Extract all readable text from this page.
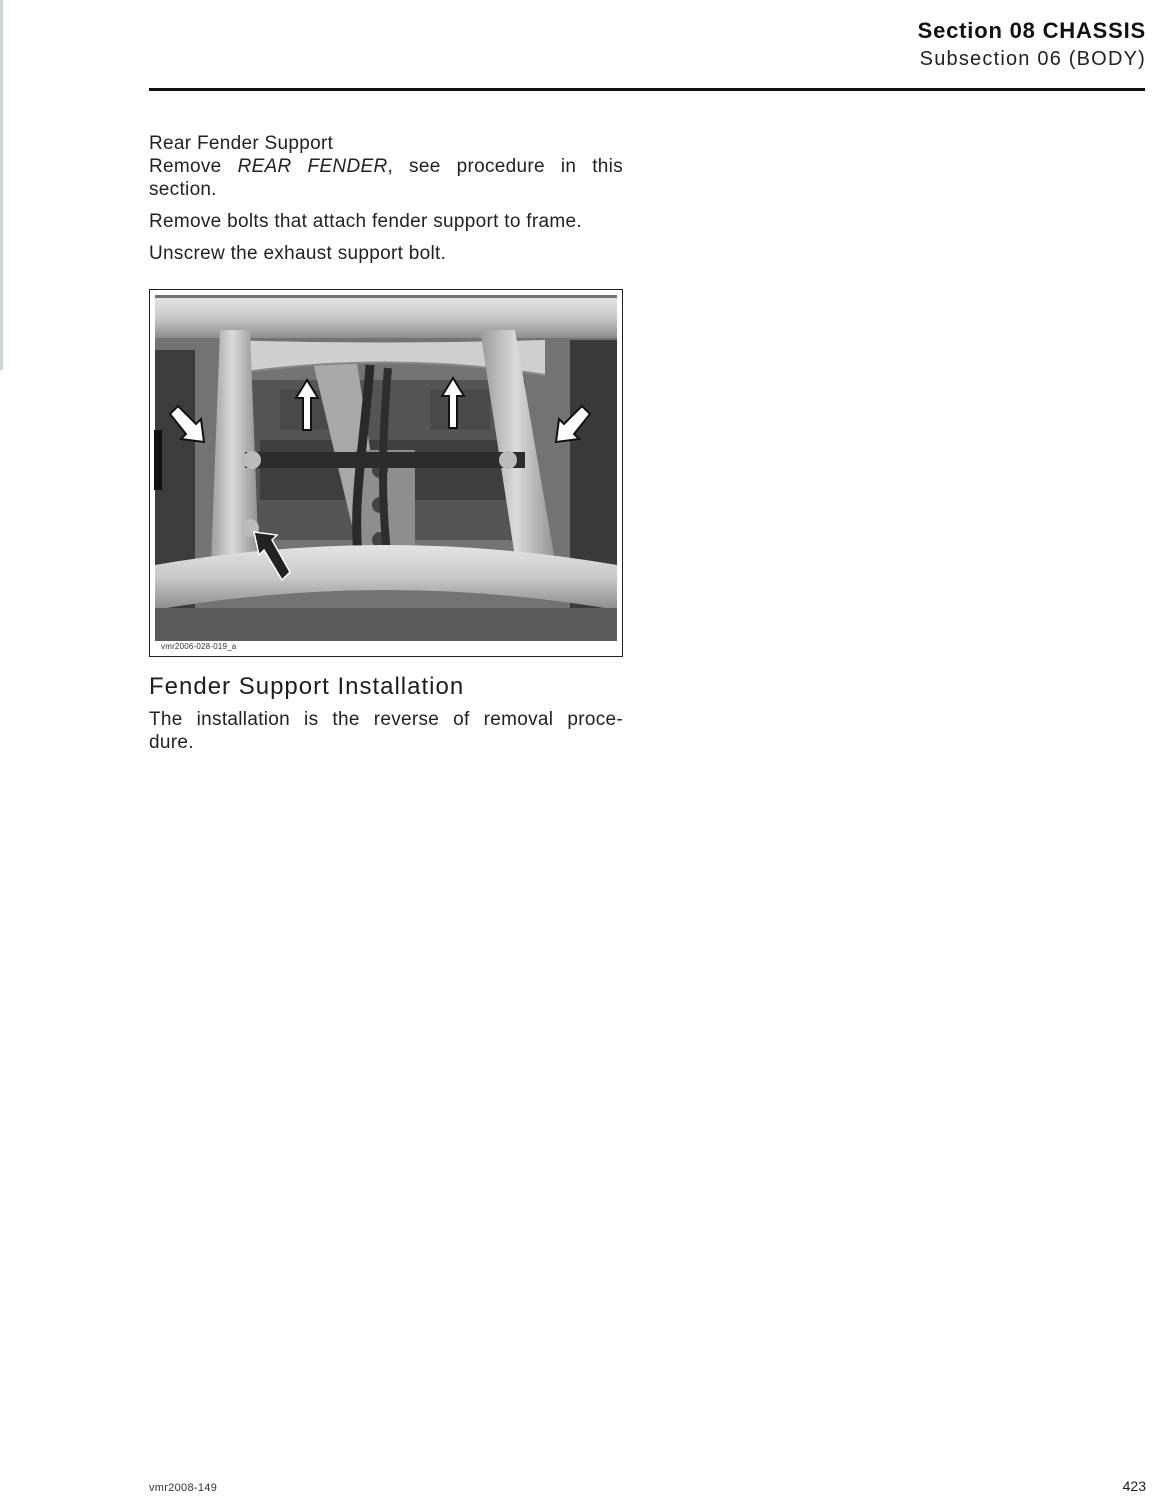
Section 08 CHASSIS
Subsection 06 (BODY)

Rear Fender Support

Remove REAR FENDER, see procedure in this

section.

Remove bolts that attach fender support to frame.

Unscrew the exhaust support bolt.

vmr2006-028-019_a
Fender Support Installation

The installation is the reverse of removal proce-

dure.

vmr2008-149	423
